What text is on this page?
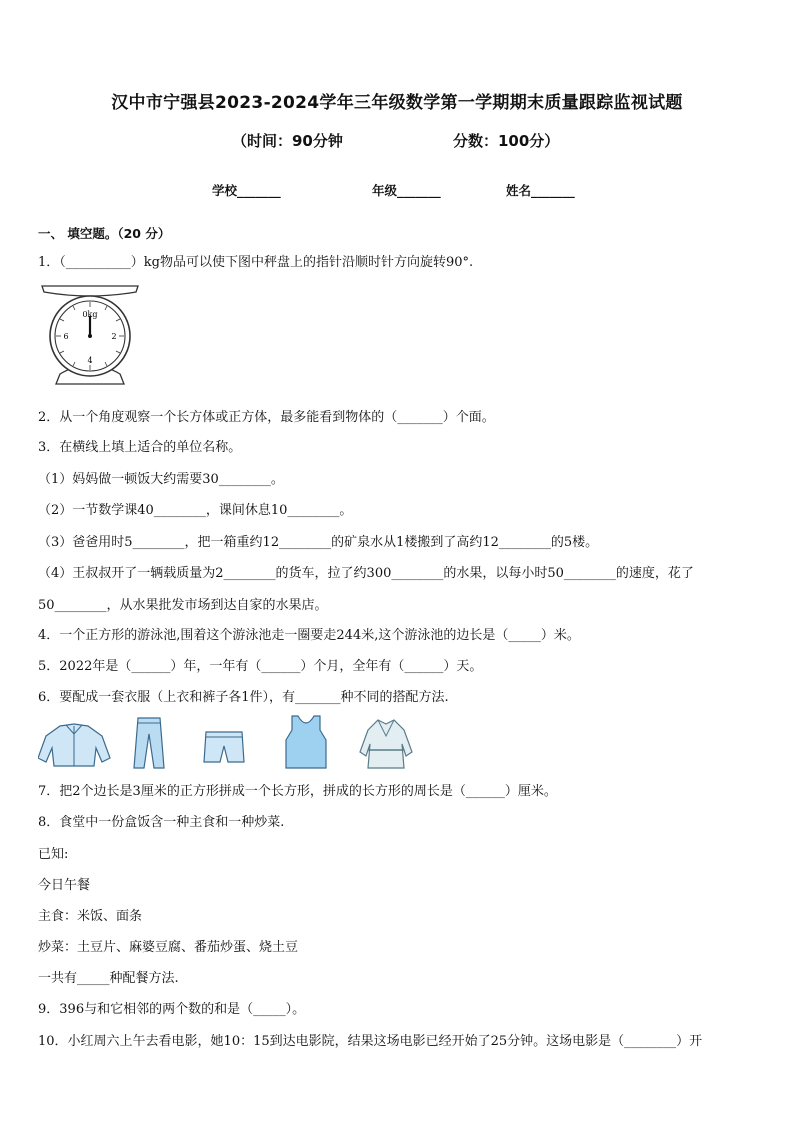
汉中市宁强县2023-2024学年三年级数学第一学期期末质量跟踪监视试题
（时间：90分钟	分数：100分）
学校_______	年级_______	姓名_______
一、 填空题。（20 分）
1．（__________）kg物品可以使下图中秤盘上的指针沿顺时针方向旋转90°.
0kg
6
4
2
2．从一个角度观察一个长方体或正方体，最多能看到物体的（_______）个面。
3．在横线上填上适合的单位名称。
（1）妈妈做一顿饭大约需要30________。
（2）一节数学课40________，课间休息10________。
（3）爸爸用时5________，把一箱重约12________的矿泉水从1楼搬到了高约12________的5楼。
（4）王叔叔开了一辆载质量为2________的货车，拉了约300________的水果，以每小时50________的速度，花了
50________，从水果批发市场到达自家的水果店。
4．一个正方形的游泳池,围着这个游泳池走一圈要走244米,这个游泳池的边长是（_____）米。
5．2022年是（______）年，一年有（______）个月，全年有（______）天。
6．要配成一套衣服（上衣和裤子各1件），有_______种不同的搭配方法.
7．把2个边长是3厘米的正方形拼成一个长方形，拼成的长方形的周长是（______）厘米。
8．食堂中一份盒饭含一种主食和一种炒菜.
已知:
今日午餐
主食：米饭、面条
炒菜：土豆片、麻婆豆腐、番茄炒蛋、烧土豆
一共有_____种配餐方法.
9．396与和它相邻的两个数的和是（_____）。
10．小红周六上午去看电影，她10：15到达电影院，结果这场电影已经开始了25分钟。这场电影是（________）开
